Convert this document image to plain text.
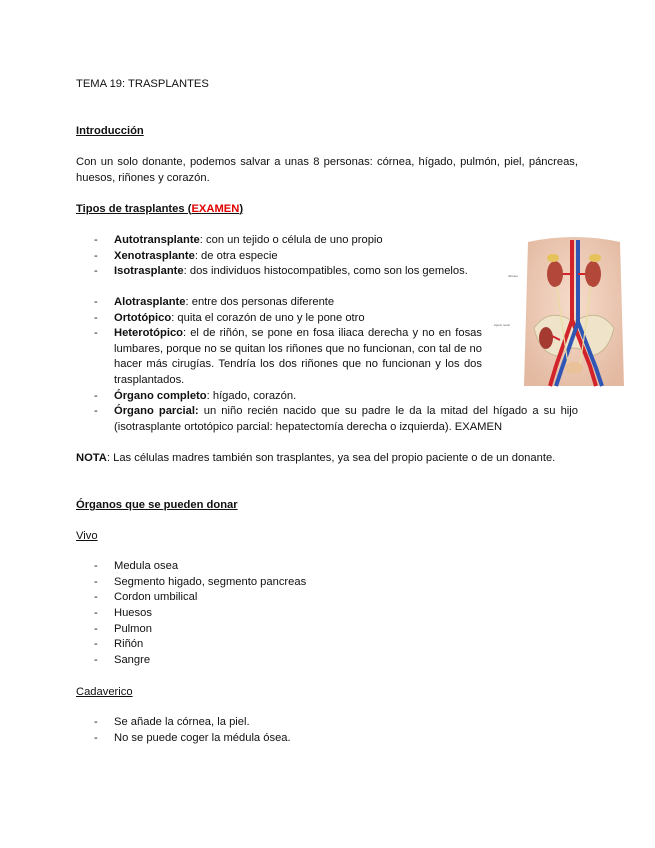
TEMA 19: TRASPLANTES
Introducción
Con un solo donante, podemos salvar a unas 8 personas: córnea, hígado, pulmón, piel, páncreas, huesos, riñones y corazón.
Tipos de trasplantes (EXAMEN)
- Autotransplante: con un tejido o célula de uno propio
- Xenotrasplante: de otra especie
- Isotrasplante: dos individuos histocompatibles, como son los gemelos.
- Alotrasplante: entre dos personas diferente
- Ortotópico: quita el corazón de uno y le pone otro
- Heterotópico: el de riñón, se pone en fosa iliaca derecha y no en fosas lumbares, porque no se quitan los riñones que no funcionan, con tal de no hacer más cirugías. Tendría los dos riñones que no funcionan y los dos trasplantados.
- Órgano completo: hígado, corazón.
- Órgano parcial: un niño recién nacido que su padre le da la mitad del hígado a su hijo (isotrasplante ortotópico parcial: hepatectomía derecha o izquierda). EXAMEN
riñones
injerto renal
NOTA: Las células madres también son trasplantes, ya sea del propio paciente o de un donante.
Órganos que se pueden donar
Vivo
- Medula osea
- Segmento higado, segmento pancreas
- Cordon umbilical
- Huesos
- Pulmon
- Riñón
- Sangre
Cadaverico
- Se añade la córnea, la piel.
- No se puede coger la médula ósea.
